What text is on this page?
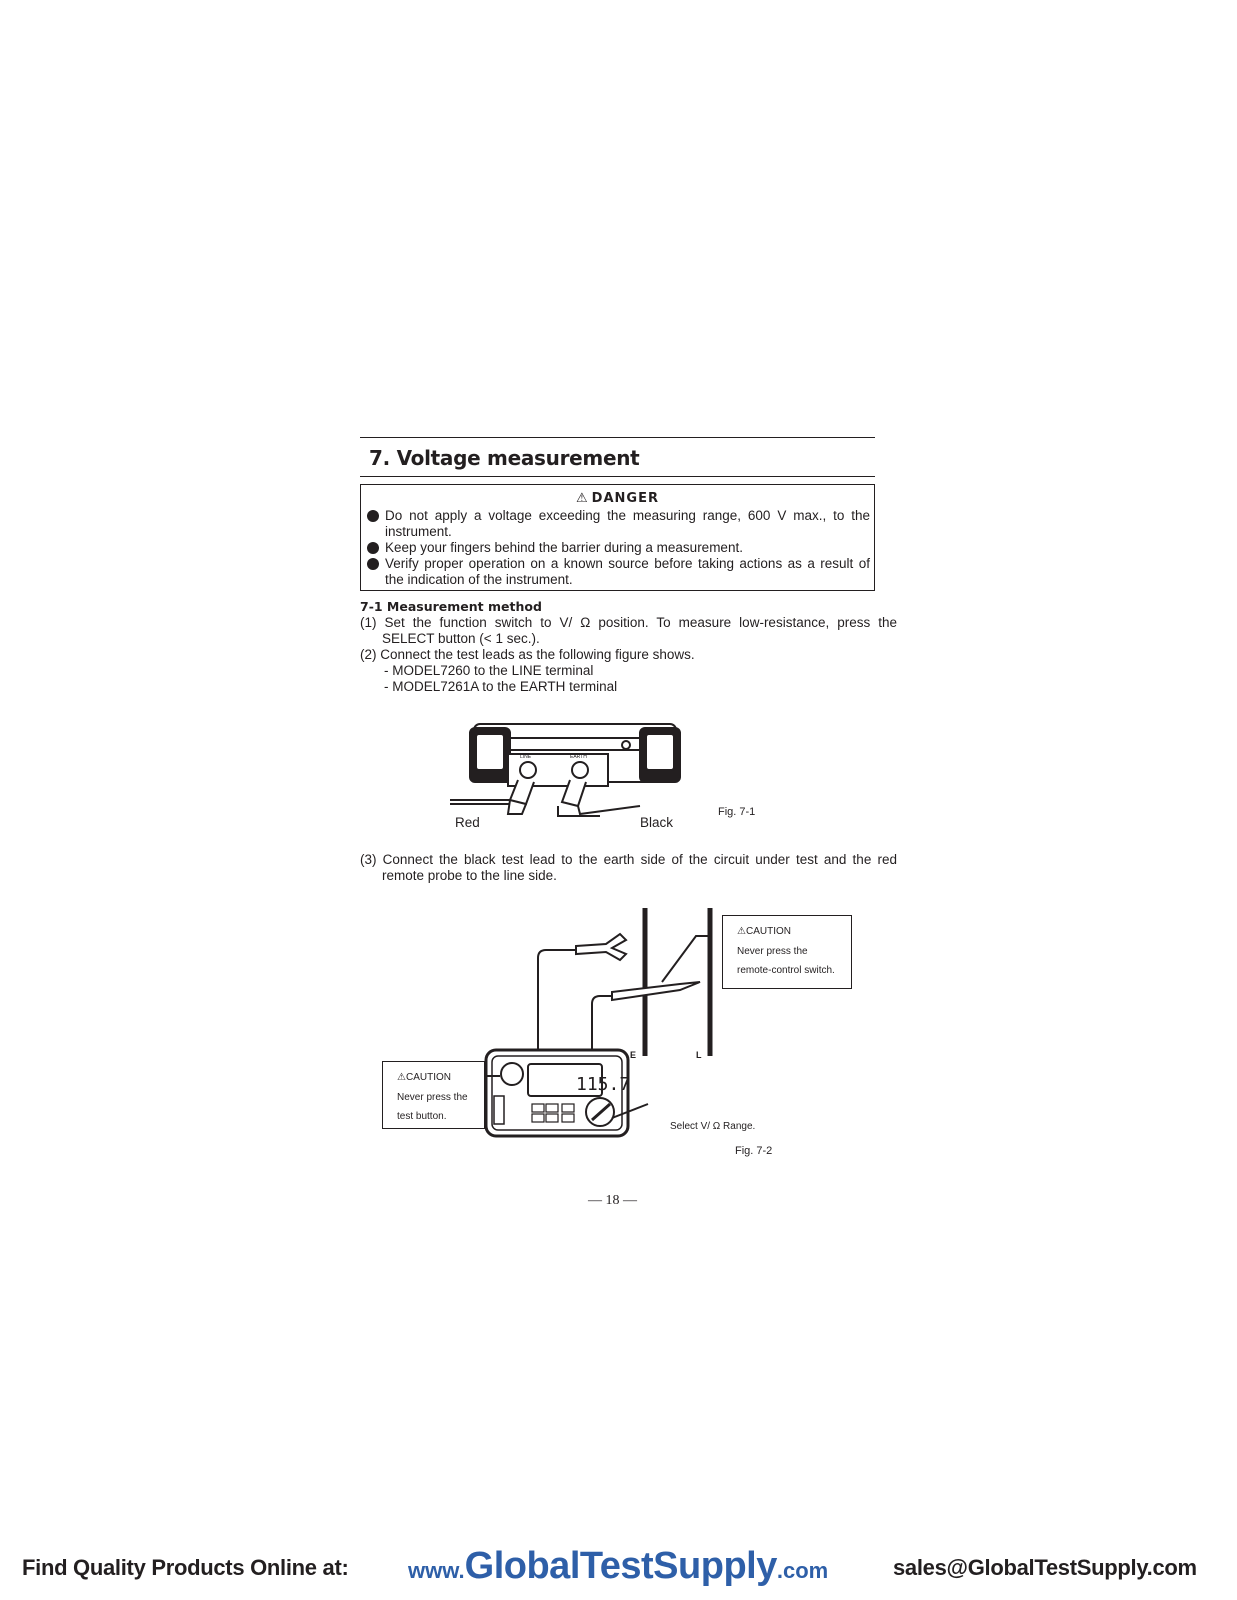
7. Voltage measurement
⚠ DANGER
Do not apply a voltage exceeding the measuring range, 600 V max., to the instrument.
Keep your fingers behind the barrier during a measurement.
Verify proper operation on a known source before taking actions as a result of the indication of the instrument.
7-1 Measurement method
(1) Set the function switch to V/ Ω position. To measure low-resistance, press the SELECT button (< 1 sec.).
(2) Connect the test leads as the following figure shows.
- MODEL7260 to the LINE terminal
- MODEL7261A to the EARTH terminal
LINE	EARTH
Red	Black
Fig. 7-1
(3) Connect the black test lead to the earth side of the circuit under test and the red remote probe to the line side.
115.7
E	L
⚠CAUTION
Never press the
remote-control switch.
⚠CAUTION
Never press the
test button.
Select V/ Ω Range.
Fig. 7-2
— 18 —
Find Quality Products Online at:	www.GlobalTestSupply.com	sales@GlobalTestSupply.com
